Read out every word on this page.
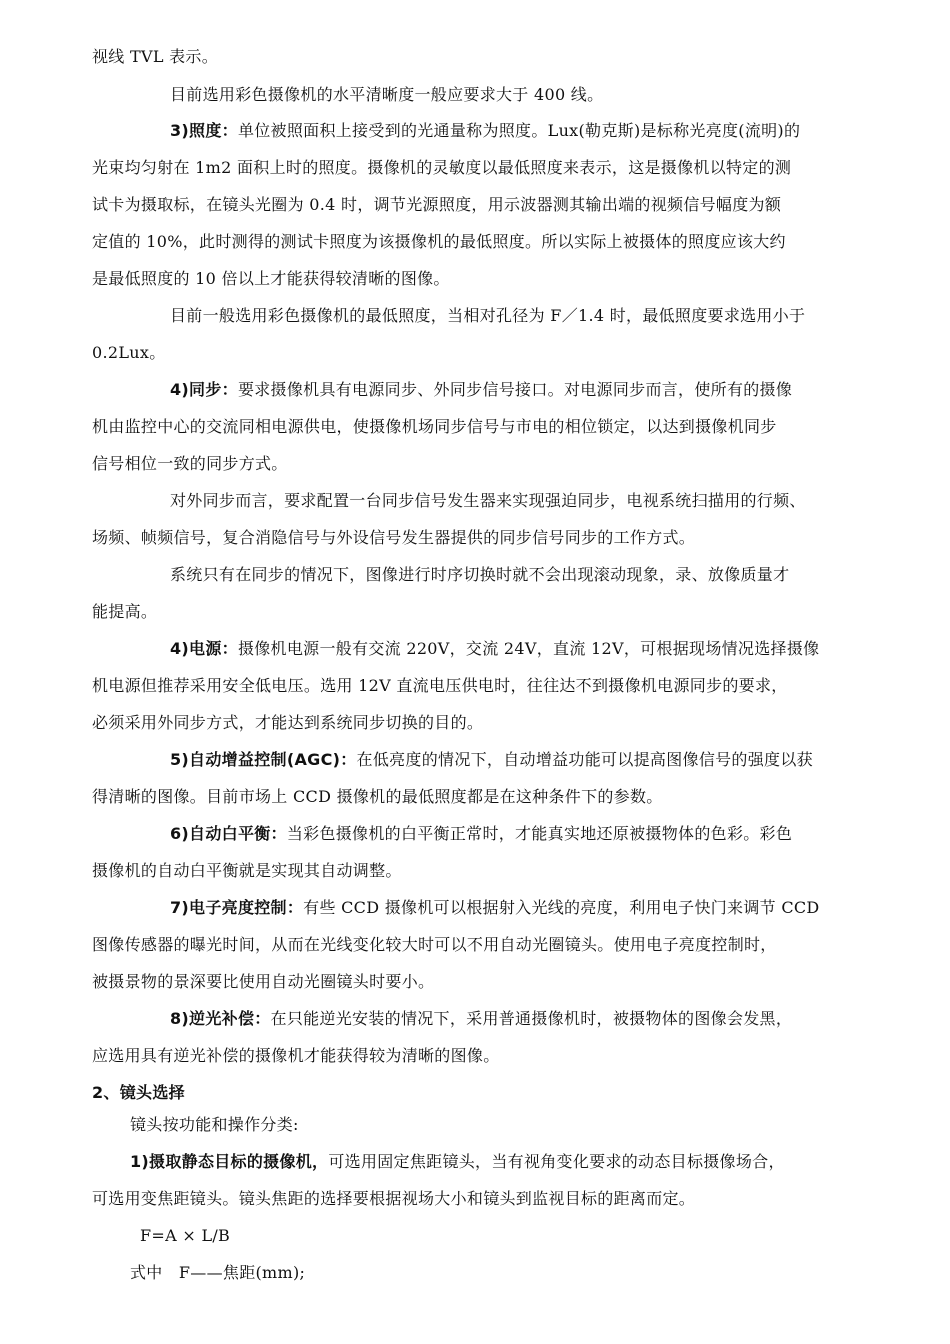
视线 TVL 表示。
目前选用彩色摄像机的水平清晰度一般应要求大于 400 线。
3)照度：单位被照面积上接受到的光通量称为照度。Lux(勒克斯)是标称光亮度(流明)的
光束均匀射在 1m2 面积上时的照度。摄像机的灵敏度以最低照度来表示，这是摄像机以特定的测
试卡为摄取标，在镜头光圈为 0.4 时，调节光源照度，用示波器测其输出端的视频信号幅度为额
定值的 10%，此时测得的测试卡照度为该摄像机的最低照度。所以实际上被摄体的照度应该大约
是最低照度的 10 倍以上才能获得较清晰的图像。
目前一般选用彩色摄像机的最低照度，当相对孔径为 F／1.4 时，最低照度要求选用小于
0.2Lux。
4)同步：要求摄像机具有电源同步、外同步信号接口。对电源同步而言，使所有的摄像
机由监控中心的交流同相电源供电，使摄像机场同步信号与市电的相位锁定，以达到摄像机同步
信号相位一致的同步方式。
对外同步而言，要求配置一台同步信号发生器来实现强迫同步，电视系统扫描用的行频、
场频、帧频信号，复合消隐信号与外设信号发生器提供的同步信号同步的工作方式。
系统只有在同步的情况下，图像进行时序切换时就不会出现滚动现象，录、放像质量才
能提高。
4)电源：摄像机电源一般有交流 220V，交流 24V，直流 12V，可根据现场情况选择摄像
机电源但推荐采用安全低电压。选用 12V 直流电压供电时，往往达不到摄像机电源同步的要求，
必须采用外同步方式，才能达到系统同步切换的目的。
5)自动增益控制(AGC)：在低亮度的情况下，自动增益功能可以提高图像信号的强度以获
得清晰的图像。目前市场上 CCD 摄像机的最低照度都是在这种条件下的参数。
6)自动白平衡：当彩色摄像机的白平衡正常时，才能真实地还原被摄物体的色彩。彩色
摄像机的自动白平衡就是实现其自动调整。
7)电子亮度控制：有些 CCD 摄像机可以根据射入光线的亮度，利用电子快门来调节 CCD
图像传感器的曝光时间，从而在光线变化较大时可以不用自动光圈镜头。使用电子亮度控制时，
被摄景物的景深要比使用自动光圈镜头时要小。
8)逆光补偿：在只能逆光安装的情况下，采用普通摄像机时，被摄物体的图像会发黑，
应选用具有逆光补偿的摄像机才能获得较为清晰的图像。
2、镜头选择
镜头按功能和操作分类:
1)摄取静态目标的摄像机，可选用固定焦距镜头，当有视角变化要求的动态目标摄像场合，
可选用变焦距镜头。镜头焦距的选择要根据视场大小和镜头到监视目标的距离而定。
F=A × L/B
式中　F——焦距(mm);
